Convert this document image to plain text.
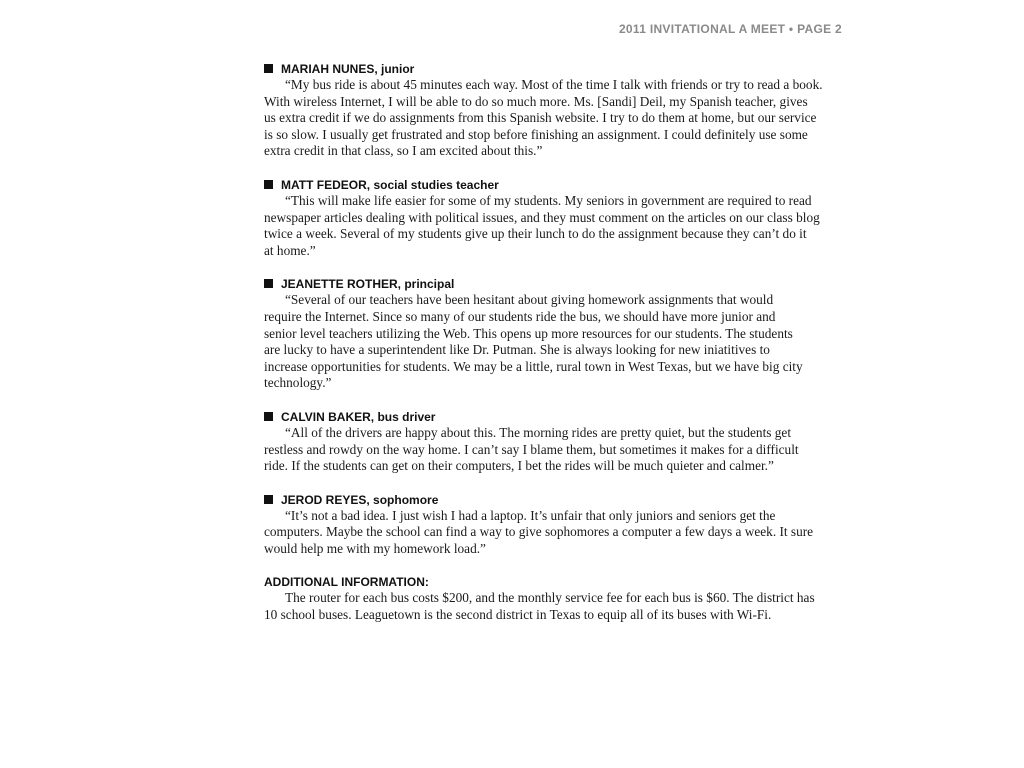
2011 INVITATIONAL A MEET • PAGE 2
MARIAH NUNES, junior

“My bus ride is about 45 minutes each way. Most of the time I talk with friends or try to read a book.
With wireless Internet, I will be able to do so much more. Ms. [Sandi] Deil, my Spanish teacher, gives
us extra credit if we do assignments from this Spanish website. I try to do them at home, but our service
is so slow. I usually get frustrated and stop before finishing an assignment. I could definitely use some
extra credit in that class, so I am excited about this.”

MATT FEDEOR, social studies teacher

“This will make life easier for some of my students. My seniors in government are required to read
newspaper articles dealing with political issues, and they must comment on the articles on our class blog
twice a week. Several of my students give up their lunch to do the assignment because they can’t do it
at home.”

JEANETTE ROTHER, principal

“Several of our teachers have been hesitant about giving homework assignments that would
require the Internet. Since so many of our students ride the bus, we should have more junior and
senior level teachers utilizing the Web. This opens up more resources for our students. The students
are lucky to have a superintendent like Dr. Putman. She is always looking for new iniatitives to
increase opportunities for students. We may be a little, rural town in West Texas, but we have big city
technology.”

CALVIN BAKER, bus driver

“All of the drivers are happy about this. The morning rides are pretty quiet, but the students get
restless and rowdy on the way home. I can’t say I blame them, but sometimes it makes for a difficult
ride. If the students can get on their computers, I bet the rides will be much quieter and calmer.”

JEROD REYES, sophomore

“It’s not a bad idea. I just wish I had a laptop. It’s unfair that only juniors and seniors get the
computers. Maybe the school can find a way to give sophomores a computer a few days a week. It sure
would help me with my homework load.”

ADDITIONAL INFORMATION:

The router for each bus costs $200, and the monthly service fee for each bus is $60. The district has
10 school buses. Leaguetown is the second district in Texas to equip all of its buses with Wi-Fi.
